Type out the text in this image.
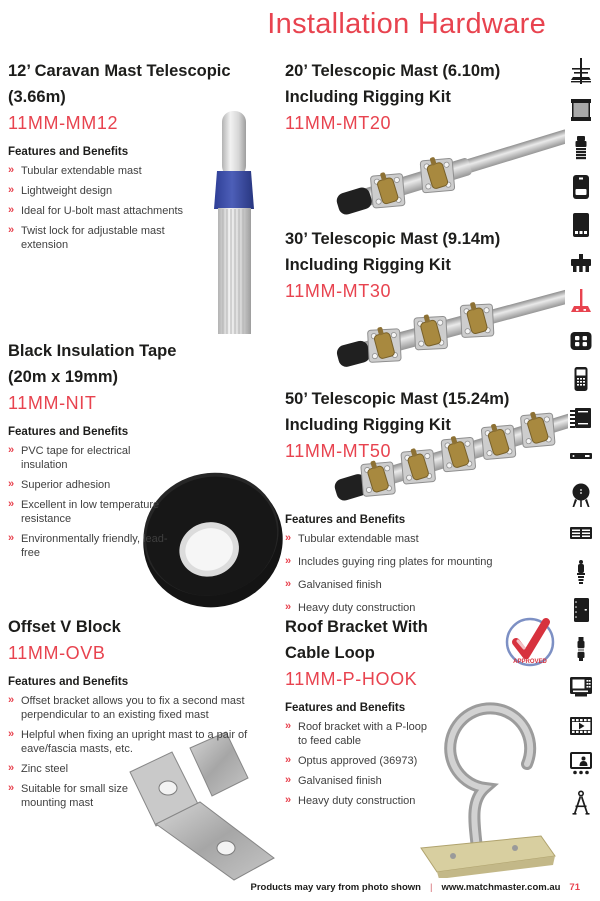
Installation Hardware
12’ Caravan Mast Telescopic
(3.66m)
11MM-MM12
Features and Benefits
» Tubular extendable mast
» Lightweight design
» Ideal for U-bolt mast attachments
» Twist lock for adjustable mast extension
Black Insulation Tape
(20m x 19mm)
11MM-NIT
Features and Benefits
» PVC tape for electrical insulation
» Superior adhesion
» Excellent in low temperature resistance
» Environmentally friendly, lead-free
Offset V Block
11MM-OVB
Features and Benefits
» Offset bracket allows you to fix a second mast perpendicular to an existing fixed mast
» Helpful when fixing an upright mast to a pair of eave/fascia masts, etc.
» Zinc steel
» Suitable for small size mounting mast
20’ Telescopic Mast (6.10m)
Including Rigging Kit
11MM-MT20
30’ Telescopic Mast (9.14m)
Including Rigging Kit
11MM-MT30
50’ Telescopic Mast (15.24m)
Including Rigging Kit
11MM-MT50
Features and Benefits
» Tubular extendable mast
» Includes guying ring plates for mounting
» Galvanised finish
» Heavy duty construction
Roof Bracket With
Cable Loop
11MM-P-HOOK
Features and Benefits
» Roof bracket with a P-loop to feed cable
» Optus approved (36973)
» Galvanised finish
» Heavy duty construction
APPROVED
Products may vary from photo shown | www.matchmaster.com.au 71
